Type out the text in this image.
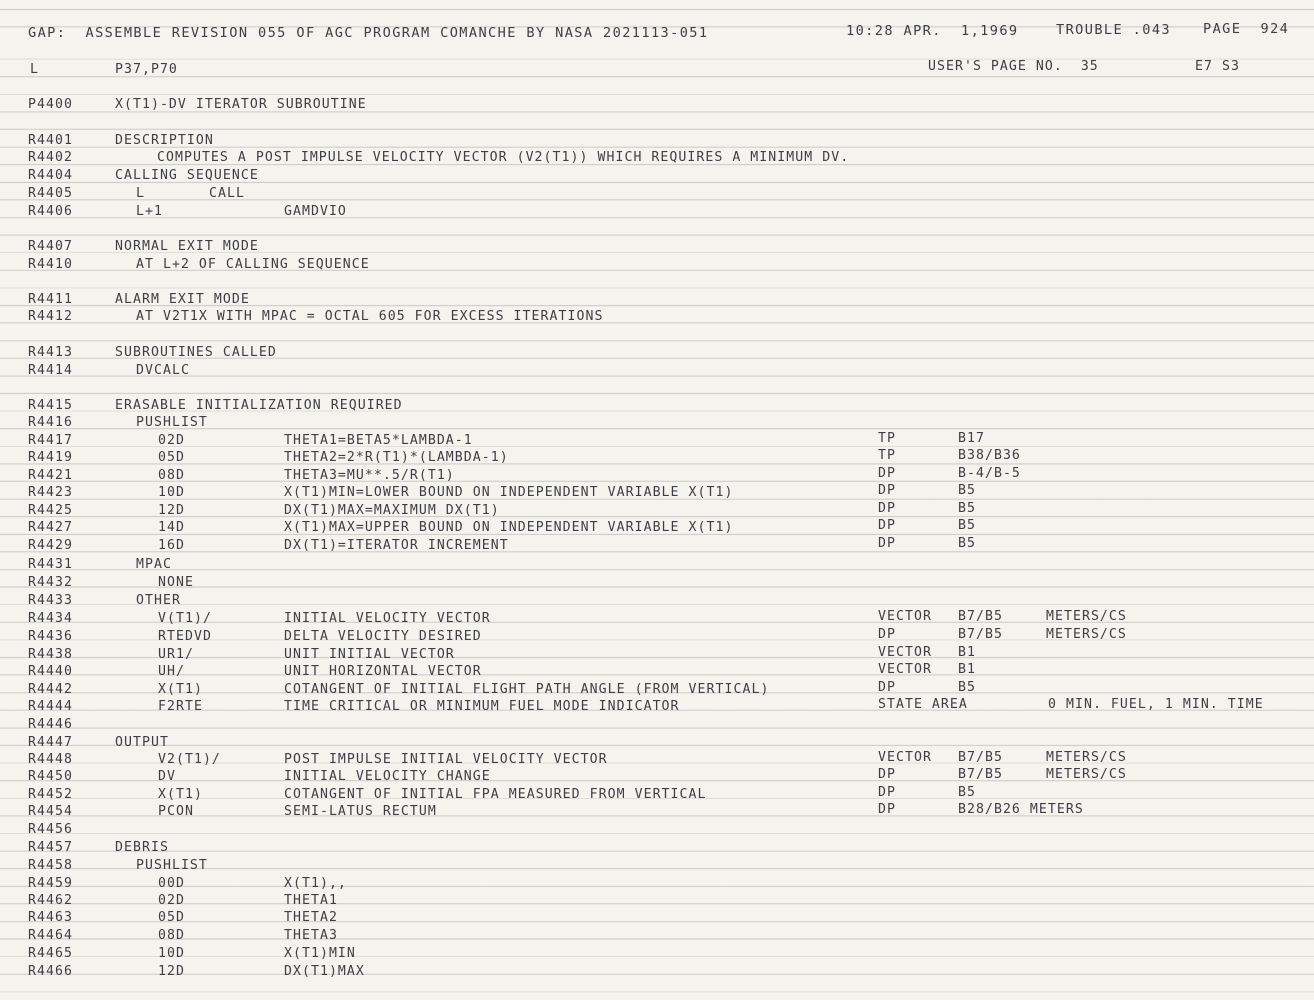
GAP:  ASSEMBLE REVISION 055 OF AGC PROGRAM COMANCHE BY NASA 2021113-051	10:28 APR.  1,1969	TROUBLE .043 PAGE  924
L	P37,P70	USER'S PAGE NO.  35	E7 S3
P4400	X(T1)-DV ITERATOR SUBROUTINE
R4401	DESCRIPTION
R4402	COMPUTES A POST IMPULSE VELOCITY VECTOR (V2(T1)) WHICH REQUIRES A MINIMUM DV.
R4404	CALLING SEQUENCE
R4405	L	CALL
R4406	L+1	GAMDVIO
R4407	NORMAL EXIT MODE
R4410	AT L+2 OF CALLING SEQUENCE
R4411	ALARM EXIT MODE
R4412	AT V2T1X WITH MPAC = OCTAL 605 FOR EXCESS ITERATIONS
R4413	SUBROUTINES CALLED
R4414	DVCALC
R4415	ERASABLE INITIALIZATION REQUIRED
R4416	PUSHLIST
R4417	02D	THETA1=BETA5*LAMBDA-1	TP	B17
R4419	05D	THETA2=2*R(T1)*(LAMBDA-1)	TP	B38/B36
R4421	08D	THETA3=MU**.5/R(T1)	DP	B-4/B-5
R4423	10D	X(T1)MIN=LOWER BOUND ON INDEPENDENT VARIABLE X(T1)	DP	B5
R4425	12D	DX(T1)MAX=MAXIMUM DX(T1)	DP	B5
R4427	14D	X(T1)MAX=UPPER BOUND ON INDEPENDENT VARIABLE X(T1)	DP	B5
R4429	16D	DX(T1)=ITERATOR INCREMENT	DP	B5
R4431	MPAC
R4432	NONE
R4433	OTHER
R4434	V(T1)/	INITIAL VELOCITY VECTOR	VECTOR B7/B5	METERS/CS
R4436	RTEDVD	DELTA VELOCITY DESIRED	DP	B7/B5	METERS/CS
R4438	UR1/	UNIT INITIAL VECTOR	VECTOR B1
R4440	UH/	UNIT HORIZONTAL VECTOR	VECTOR B1
R4442	X(T1)	COTANGENT OF INITIAL FLIGHT PATH ANGLE (FROM VERTICAL)	DP	B5
R4444	F2RTE	TIME CRITICAL OR MINIMUM FUEL MODE INDICATOR	STATE AREA	0 MIN. FUEL, 1 MIN. TIME
R4446
R4447	OUTPUT
R4448	V2(T1)/	POST IMPULSE INITIAL VELOCITY VECTOR	VECTOR B7/B5	METERS/CS
R4450	DV	INITIAL VELOCITY CHANGE	DP	B7/B5	METERS/CS
R4452	X(T1)	COTANGENT OF INITIAL FPA MEASURED FROM VERTICAL	DP	B5
R4454	PCON	SEMI-LATUS RECTUM	DP	B28/B26 METERS
R4456
R4457	DEBRIS
R4458	PUSHLIST
R4459	00D	X(T1),,
R4462	02D	THETA1
R4463	05D	THETA2
R4464	08D	THETA3
R4465	10D	X(T1)MIN
R4466	12D	DX(T1)MAX
